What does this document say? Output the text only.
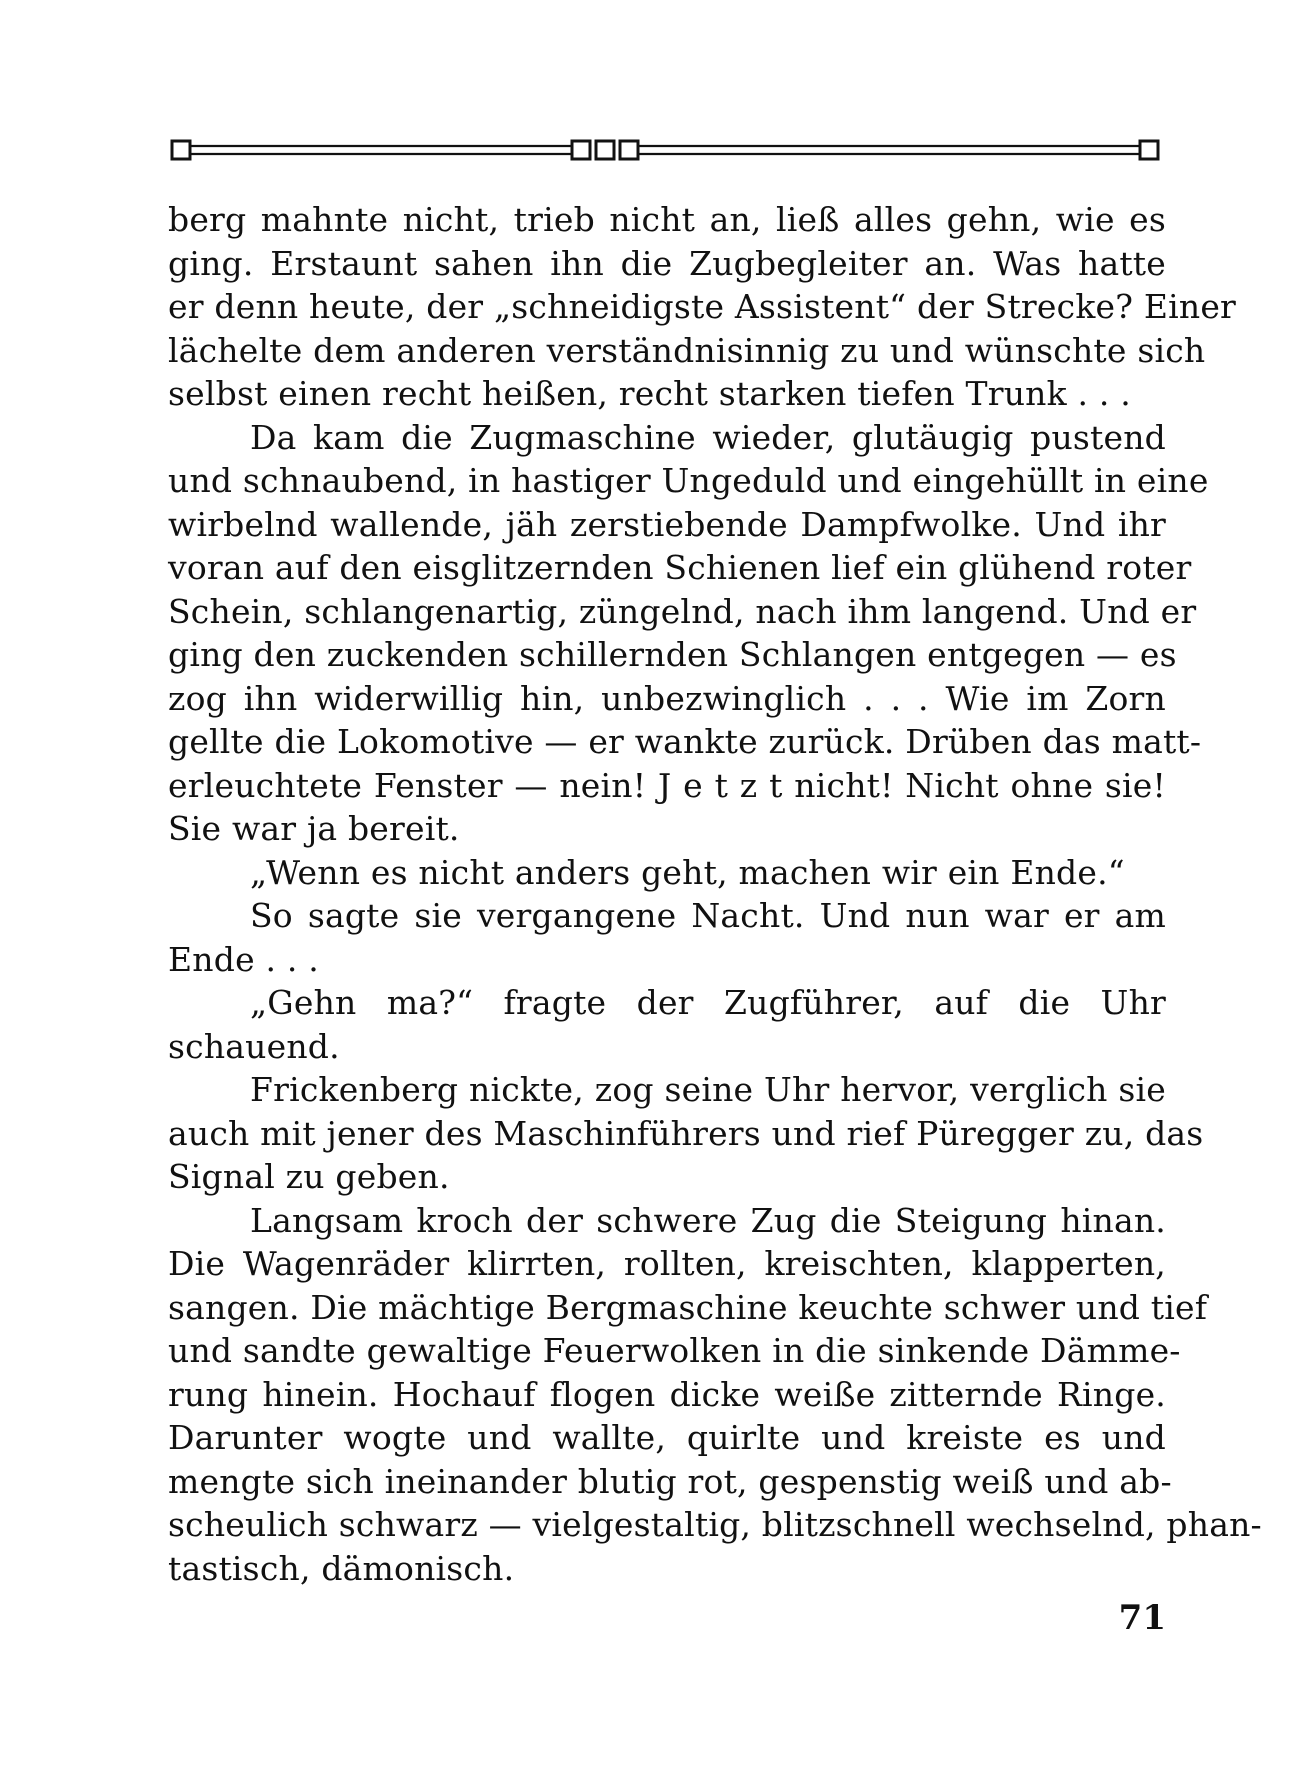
berg mahnte nicht, trieb nicht an, ließ alles gehn, wie es
ging. Erstaunt sahen ihn die Zugbegleiter an. Was hatte
er denn heute, der „schneidigste Assistent“ der Strecke? Einer
lächelte dem anderen verständnisinnig zu und wünschte sich
selbst einen recht heißen, recht starken tiefen Trunk . . .
Da kam die Zugmaschine wieder, glutäugig pustend
und schnaubend, in hastiger Ungeduld und eingehüllt in eine
wirbelnd wallende, jäh zerstiebende Dampfwolke. Und ihr
voran auf den eisglitzernden Schienen lief ein glühend roter
Schein, schlangenartig, züngelnd, nach ihm langend. Und er
ging den zuckenden schillernden Schlangen entgegen — es
zog ihn widerwillig hin, unbezwinglich . . . Wie im Zorn
gellte die Lokomotive — er wankte zurück. Drüben das matt-
erleuchtete Fenster — nein! J e t z t nicht! Nicht ohne sie!
Sie war ja bereit.
„Wenn es nicht anders geht, machen wir ein Ende.“
So sagte sie vergangene Nacht. Und nun war er am
Ende . . .
„Gehn ma?“ fragte der Zugführer, auf die Uhr
schauend.
Frickenberg nickte, zog seine Uhr hervor, verglich sie
auch mit jener des Maschinführers und rief Püregger zu, das
Signal zu geben.
Langsam kroch der schwere Zug die Steigung hinan.
Die Wagenräder klirrten, rollten, kreischten, klapperten,
sangen. Die mächtige Bergmaschine keuchte schwer und tief
und sandte gewaltige Feuerwolken in die sinkende Dämme-
rung hinein. Hochauf flogen dicke weiße zitternde Ringe.
Darunter wogte und wallte, quirlte und kreiste es und
mengte sich ineinander blutig rot, gespenstig weiß und ab-
scheulich schwarz — vielgestaltig, blitzschnell wechselnd, phan-
tastisch, dämonisch.
71
